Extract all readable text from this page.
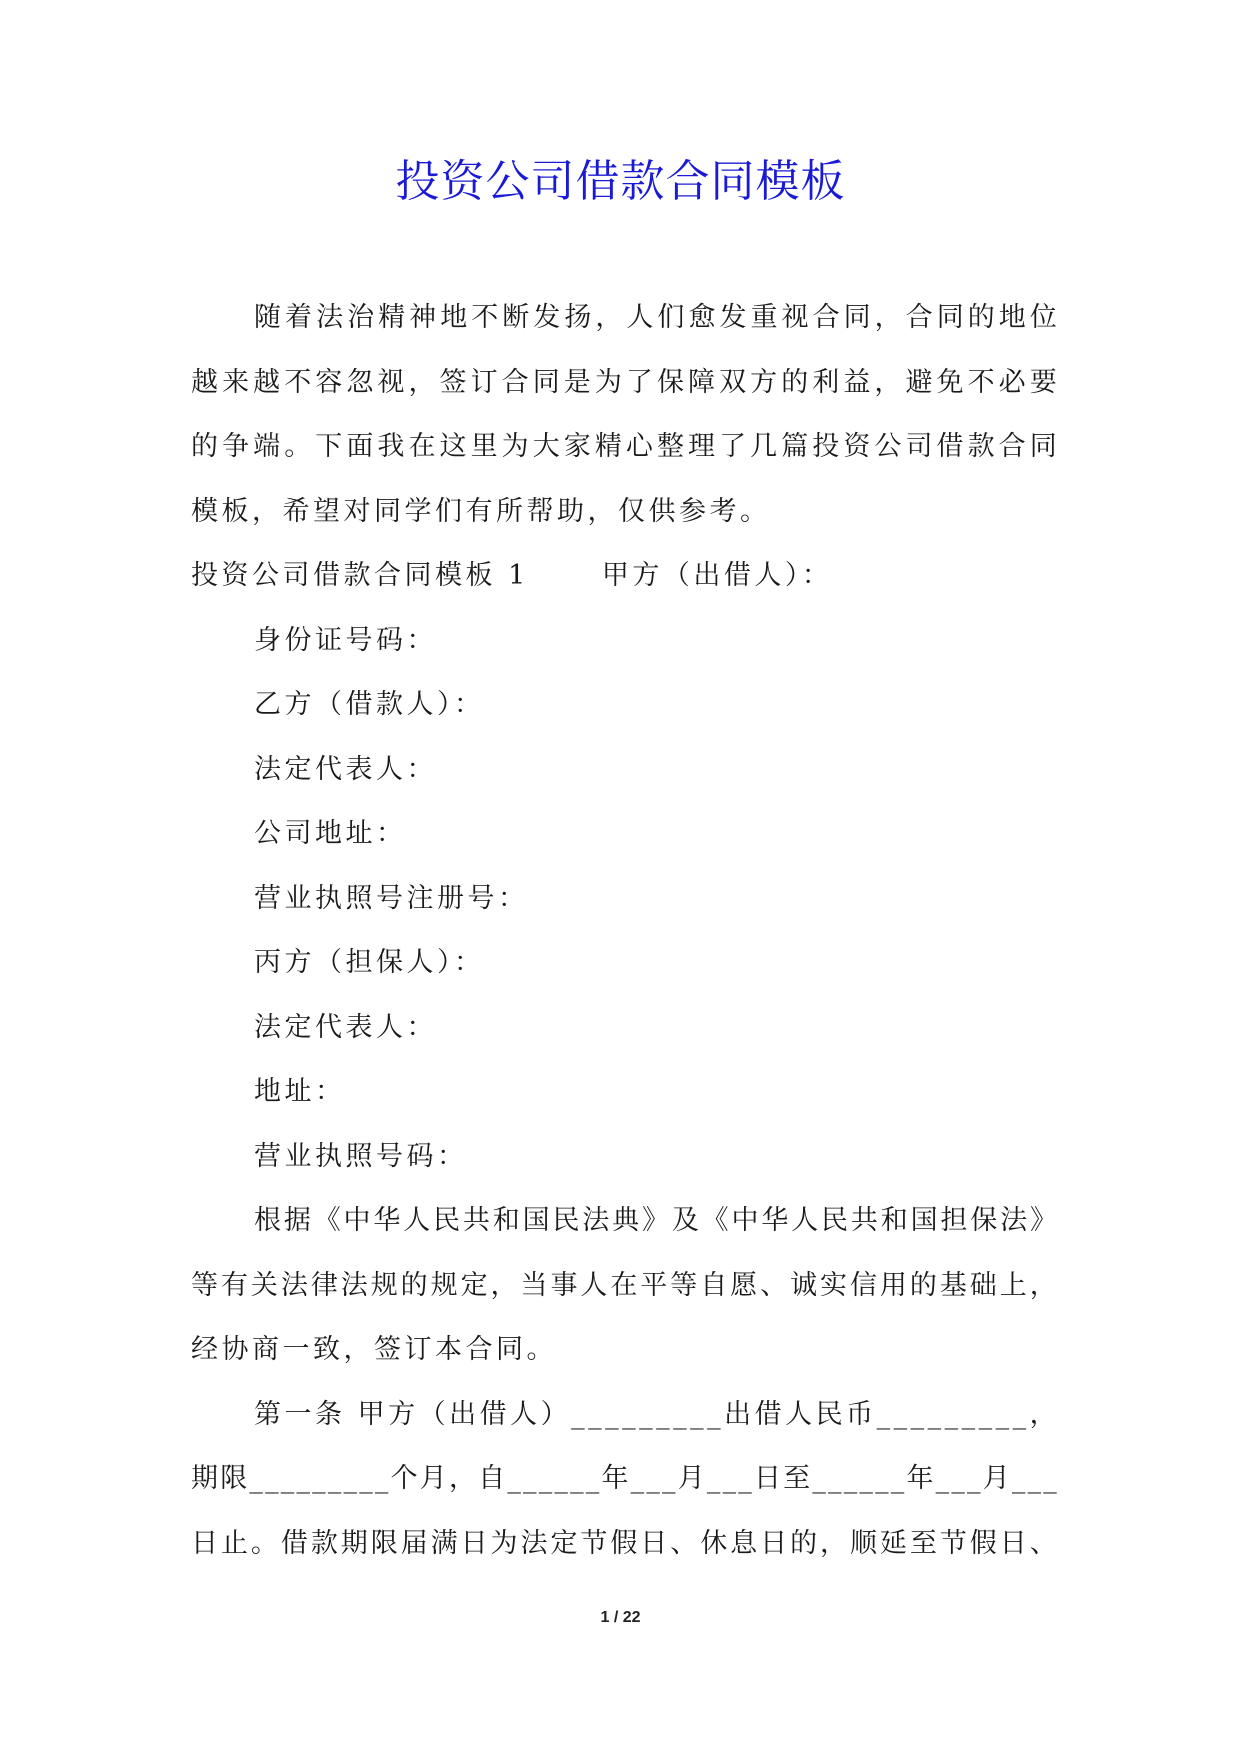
投资公司借款合同模板
随 着 法 治 精 神 地 不 断 发 扬 ， 人 们 愈 发 重 视 合 同 ， 合 同 的 地 位
越 来 越 不 容 忽 视 ， 签 订 合 同 是 为 了 保 障 双 方 的 利 益 ， 避 免 不 必 要
的 争 端 。 下 面 我 在 这 里 为 大 家 精 心 整 理 了 几 篇 投 资 公 司 借 款 合 同
模板，希望对同学们有所帮助，仅供参考。
投资公司借款合同模板 1　　 甲方（出借人）：
身份证号码：
乙方（借款人）：
法定代表人：
公司地址：
营业执照号注册号：
丙方（担保人）：
法定代表人：
地址：
营业执照号码：
根 据 《 中 华 人 民 共 和 国 民 法 典 》 及 《 中 华 人 民 共 和 国 担 保 法 》
等 有 关 法 律 法 规 的 规 定 ， 当 事 人 在 平 等 自 愿 、 诚 实 信 用 的 基 础 上 ，
经协商一致，签订本合同。
第 一 条
甲 方 （ 出 借 人 ） _ _ _ _ _ _ _ _ _ 出 借 人 民 币 _ _ _ _ _ _ _ _ _ ，
期 限 _ _ _ _ _ _ _ _ _ 个 月 ， 自 _ _ _ _ _ _ 年 _ _ _ 月 _ _ _ 日 至 _ _ _ _ _ _ 年 _ _ _ 月 _ _ _
日 止 。 借 款 期 限 届 满 日 为 法 定 节 假 日 、 休 息 日 的 ， 顺 延 至 节 假 日 、
1 / 22
